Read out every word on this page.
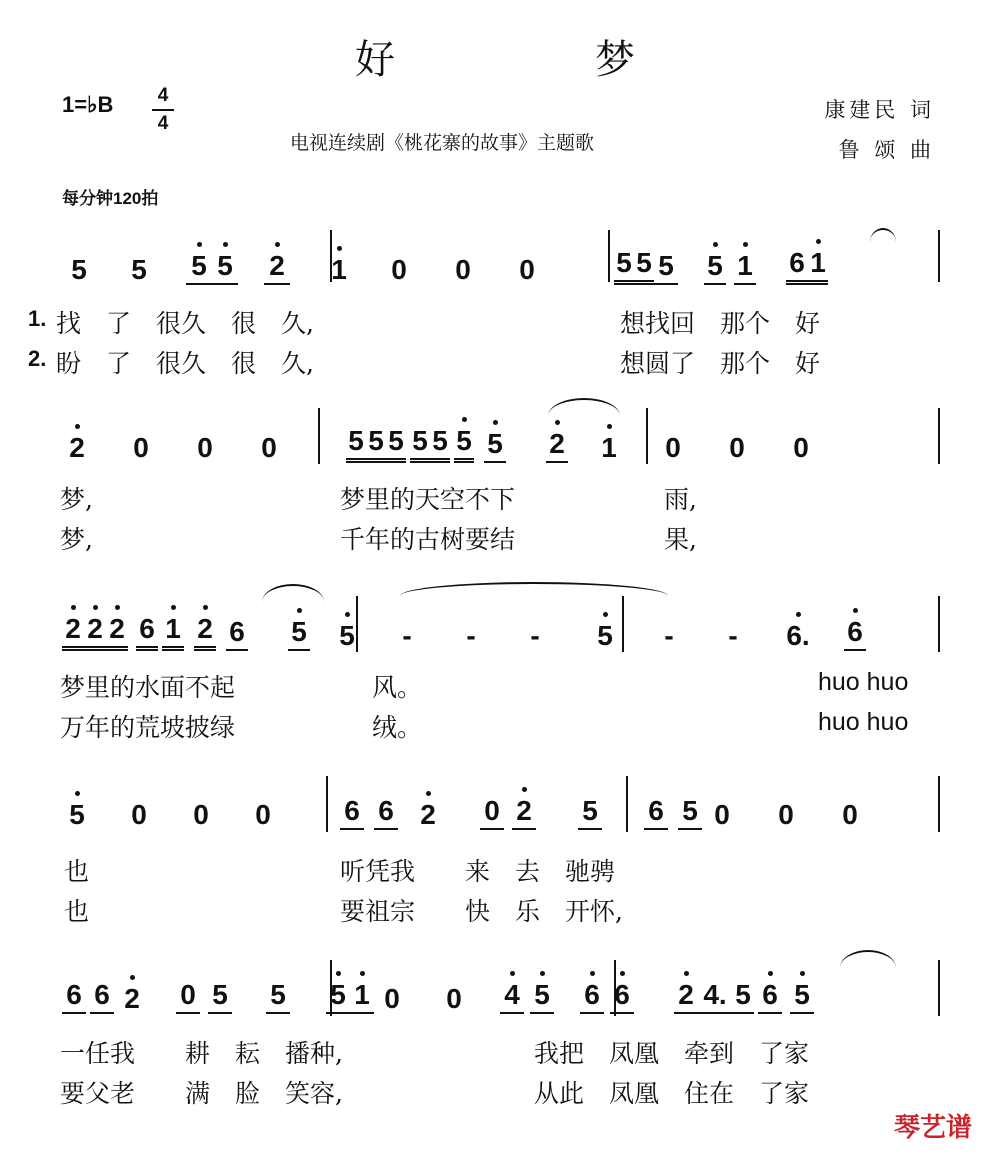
好　梦
1=♭B	4
4
电视连续剧《桃花寨的故事》主题歌
康建民 词
鲁 颂 曲
每分钟120拍
5	5	5 5 2 1 0 0 0	5 5 5 5 1 6 1
1.
2.
找　了　很久　很　久,	想找回　那个　好
盼　了　很久　很　久,	想圆了　那个　好
2 0 0 0	5 5 5 5 5 5 5 2 1 0 0 0
梦,	梦里的天空不下	雨,
梦,	千年的古树要结	果,
2 2 2 6 1 2 6 5 5	-	-	-	5	-	-	6. 6
梦里的水面不起	风。	huo huo
万年的荒坡披绿	绒。	huo huo
5 0 0 0	6 6 2 0 2 5 6 5 0 0 0
也	听凭我　　来　去　驰骋
也	要祖宗　　快　乐　开怀,
6 6 2 0 5 5 5 1 0 0 4 5 6 6 2 4. 5 6 5
一任我　　耕　耘　播种,	我把　凤凰　牵到　了家
要父老　　满　脸　笑容,	从此　凤凰　住在　了家
琴艺谱
